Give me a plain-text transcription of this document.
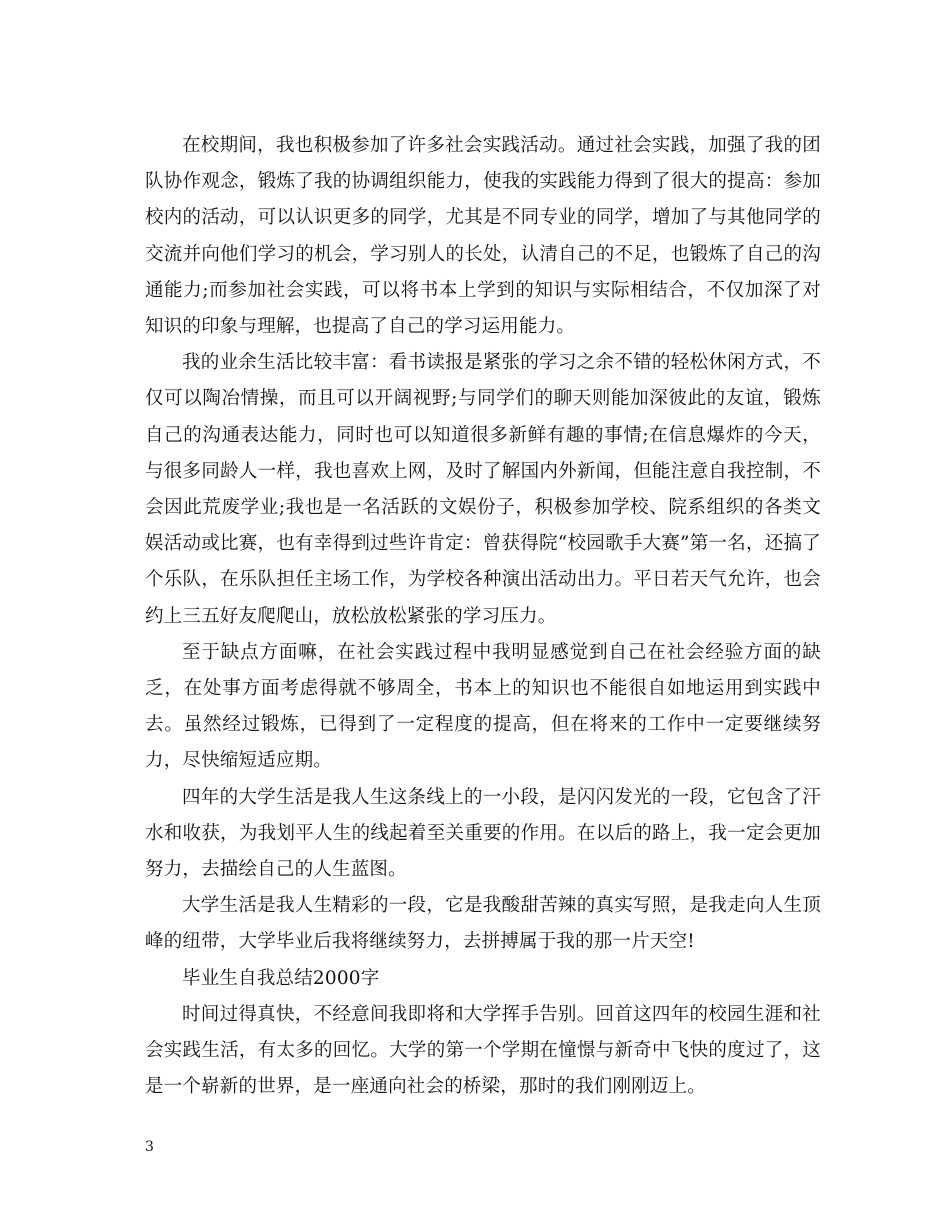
在校期间，我也积极参加了许多社会实践活动。通过社会实践，加强了我的团队协作观念，锻炼了我的协调组织能力，使我的实践能力得到了很大的提高：参加校内的活动，可以认识更多的同学，尤其是不同专业的同学，增加了与其他同学的交流并向他们学习的机会，学习别人的长处，认清自己的不足，也锻炼了自己的沟通能力;而参加社会实践，可以将书本上学到的知识与实际相结合，不仅加深了对知识的印象与理解，也提高了自己的学习运用能力。

我的业余生活比较丰富：看书读报是紧张的学习之余不错的轻松休闲方式，不仅可以陶冶情操，而且可以开阔视野;与同学们的聊天则能加深彼此的友谊，锻炼自己的沟通表达能力，同时也可以知道很多新鲜有趣的事情;在信息爆炸的今天，与很多同龄人一样，我也喜欢上网，及时了解国内外新闻，但能注意自我控制，不会因此荒废学业;我也是一名活跃的文娱份子，积极参加学校、院系组织的各类文娱活动或比赛，也有幸得到过些许肯定：曾获得院“校园歌手大赛”第一名，还搞了个乐队，在乐队担任主场工作，为学校各种演出活动出力。平日若天气允许，也会约上三五好友爬爬山，放松放松紧张的学习压力。

至于缺点方面嘛，在社会实践过程中我明显感觉到自己在社会经验方面的缺乏，在处事方面考虑得就不够周全，书本上的知识也不能很自如地运用到实践中去。虽然经过锻炼，已得到了一定程度的提高，但在将来的工作中一定要继续努力，尽快缩短适应期。

四年的大学生活是我人生这条线上的一小段，是闪闪发光的一段，它包含了汗水和收获，为我划平人生的线起着至关重要的作用。在以后的路上，我一定会更加努力，去描绘自己的人生蓝图。

大学生活是我人生精彩的一段，它是我酸甜苦辣的真实写照，是我走向人生顶峰的纽带，大学毕业后我将继续努力，去拼搏属于我的那一片天空!

毕业生自我总结2000字

时间过得真快，不经意间我即将和大学挥手告别。回首这四年的校园生涯和社会实践生活，有太多的回忆。大学的第一个学期在憧憬与新奇中飞快的度过了，这是一个崭新的世界，是一座通向社会的桥梁，那时的我们刚刚迈上。

3
